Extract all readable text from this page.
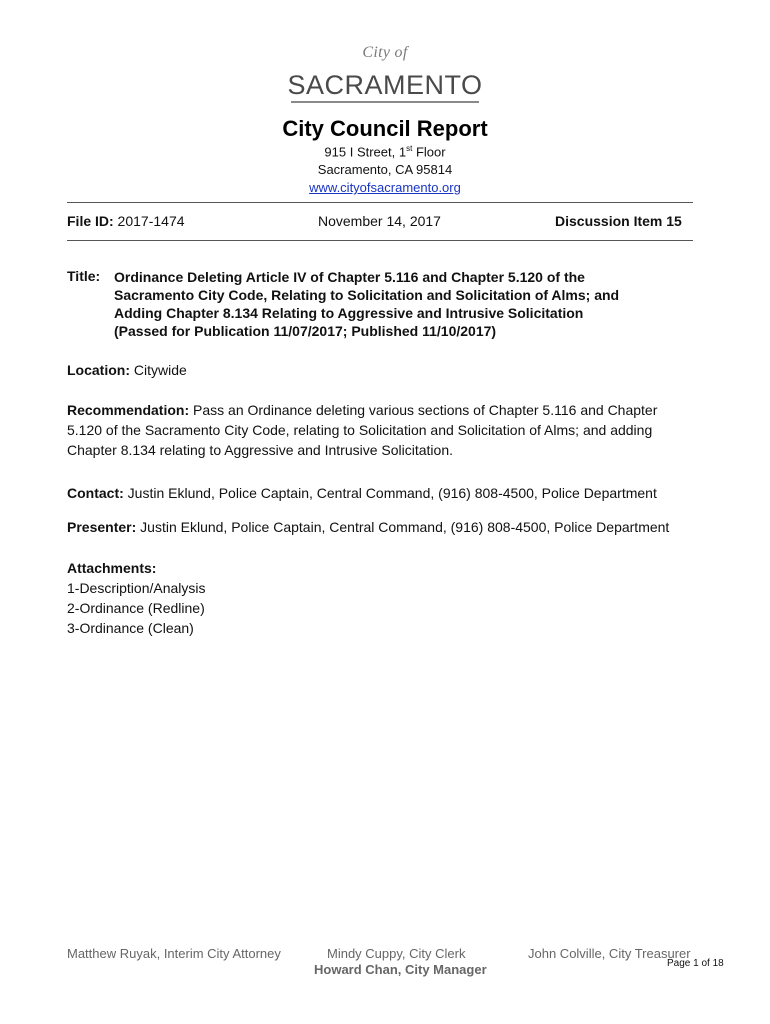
City of
SACRAMENTO
City Council Report
915 I Street, 1st Floor
Sacramento, CA 95814
www.cityofsacramento.org
File ID: 2017-1474	November 14, 2017	Discussion Item 15
Title: Ordinance Deleting Article IV of Chapter 5.116 and Chapter 5.120 of the
Sacramento City Code, Relating to Solicitation and Solicitation of Alms; and
Adding Chapter 8.134 Relating to Aggressive and Intrusive Solicitation
(Passed for Publication 11/07/2017; Published 11/10/2017)
Location: Citywide
Recommendation: Pass an Ordinance deleting various sections of Chapter 5.116 and Chapter 5.120 of the Sacramento City Code, relating to Solicitation and Solicitation of Alms; and adding Chapter 8.134 relating to Aggressive and Intrusive Solicitation.
Contact: Justin Eklund, Police Captain, Central Command, (916) 808-4500, Police Department
Presenter: Justin Eklund, Police Captain, Central Command, (916) 808-4500, Police Department
Attachments:
1-Description/Analysis
2-Ordinance (Redline)
3-Ordinance (Clean)
Matthew Ruyak, Interim City Attorney	Mindy Cuppy, City Clerk	John Colville, City Treasurer
Howard Chan, City Manager	Page 1 of 18
